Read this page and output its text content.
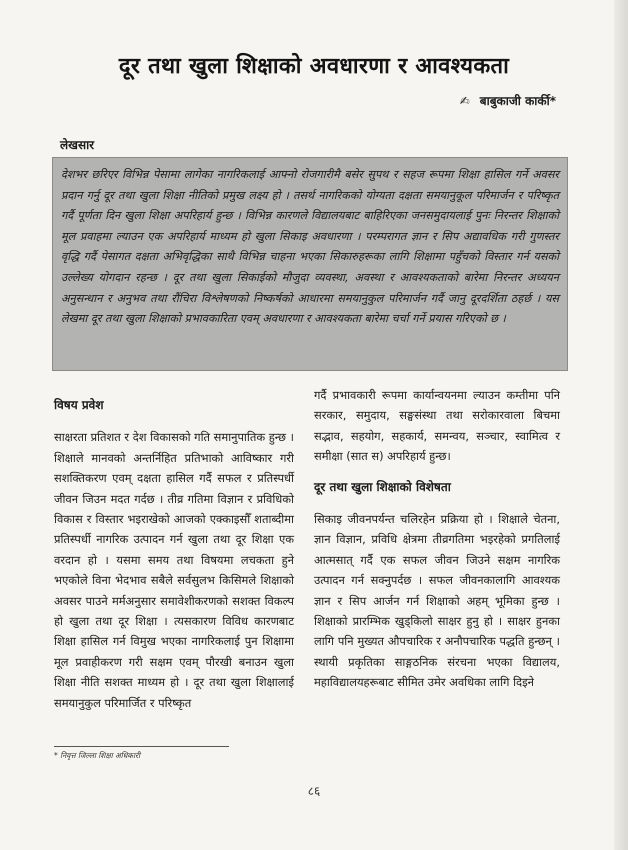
दूर तथा खुला शिक्षाको अवधारणा र आवश्यकता
✍ बाबुकाजी कार्की*
लेखसार
देशभर छरिएर विभिन्न पेसामा लागेका नागरिकलाई आफ्नो रोजगारीमै बसेर सुपथ र सहज रूपमा शिक्षा हासिल गर्ने अवसर प्रदान गर्नु दूर तथा खुला शिक्षा नीतिको प्रमुख लक्ष्य हो । तसर्थ नागरिकको योग्यता दक्षता समयानुकूल परिमार्जन र परिष्कृत गर्दै पूर्णता दिन खुला शिक्षा अपरिहार्य हुन्छ । विभिन्न कारणले विद्यालयबाट बाहिरिएका जनसमुदायलाई पुनः निरन्तर शिक्षाको मूल प्रवाहमा ल्याउन एक अपरिहार्य माध्यम हो खुला सिकाइ अवधारणा । परम्परागत ज्ञान र सिप अद्यावधिक गरी गुणस्तर वृद्धि गर्दै पेसागत दक्षता अभिवृद्धिका साथै विभिन्न चाहना भएका सिकारुहरूका लागि शिक्षामा पहुँचको विस्तार गर्न यसको उल्लेख्य योगदान रहन्छ । दूर तथा खुला सिकाईको मौजुदा व्यवस्था, अवस्था र आवश्यकताको बारेमा निरन्तर अध्ययन अनुसन्धान र अनुभव तथा रौंचिरा विश्लेषणको निष्कर्षको आधारमा समयानुकुल परिमार्जन गर्दै जानु दूरदर्शिता ठहर्छ । यस लेखमा दूर तथा खुला शिक्षाको प्रभावकारिता एवम् अवधारणा र आवश्यकता बारेमा चर्चा गर्ने प्रयास गरिएको छ ।
विषय प्रवेश

साक्षरता प्रतिशत र देश विकासको गति समानुपातिक हुन्छ । शिक्षाले मानवको अन्तर्निहित प्रतिभाको आविष्कार गरी सशक्तिकरण एवम् दक्षता हासिल गर्दै सफल र प्रतिस्पर्धी जीवन जिउन मदत गर्दछ । तीव्र गतिमा विज्ञान र प्रविधिको विकास र विस्तार भइराखेको आजको एक्काइसौँ शताब्दीमा प्रतिस्पर्धी नागरिक उत्पादन गर्न खुला तथा दूर शिक्षा एक वरदान हो । यसमा समय तथा विषयमा लचकता हुने भएकोले विना भेदभाव सबैले सर्वसुलभ किसिमले शिक्षाको अवसर पाउने मर्मअनुसार समावेशीकरणको सशक्त विकल्प हो खुला तथा दूर शिक्षा । त्यसकारण विविध कारणबाट शिक्षा हासिल गर्न विमुख भएका नागरिकलाई पुन शिक्षामा मूल प्रवाहीकरण गरी सक्षम एवम् पौरखी बनाउन खुला शिक्षा नीति सशक्त माध्यम हो । दूर तथा खुला शिक्षालाई समयानुकुल परिमार्जित र परिष्कृत

गर्दै प्रभावकारी रूपमा कार्यान्वयनमा ल्याउन कम्तीमा पनि सरकार, समुदाय, सङ्घसंस्था तथा सरोकारवाला बिचमा सद्भाव, सहयोग, सहकार्य, समन्वय, सञ्चार, स्वामित्व र समीक्षा (सात स) अपरिहार्य हुन्छ।

दूर तथा खुला शिक्षाको विशेषता

सिकाइ जीवनपर्यन्त चलिरहेन प्रक्रिया हो । शिक्षाले चेतना, ज्ञान विज्ञान, प्रविधि क्षेत्रमा तीव्रगतिमा भइरहेको प्रगतिलाई आत्मसात् गर्दै एक सफल जीवन जिउने सक्षम नागरिक उत्पादन गर्न सक्नुपर्दछ । सफल जीवनकालागि आवश्यक ज्ञान र सिप आर्जन गर्न शिक्षाको अहम् भूमिका हुन्छ । शिक्षाको प्रारम्भिक खुड्किलो साक्षर हुनु हो । साक्षर हुनका लागि पनि मुख्यत औपचारिक र अनौपचारिक पद्धति हुन्छन् । स्थायी प्रकृतिका साङ्गठनिक संरचना भएका विद्यालय, महाविद्यालयहरूबाट सीमित उमेर अवधिका लागि दिइने

* निवृत्त जिल्ला शिक्षा अधिकारी
८६
